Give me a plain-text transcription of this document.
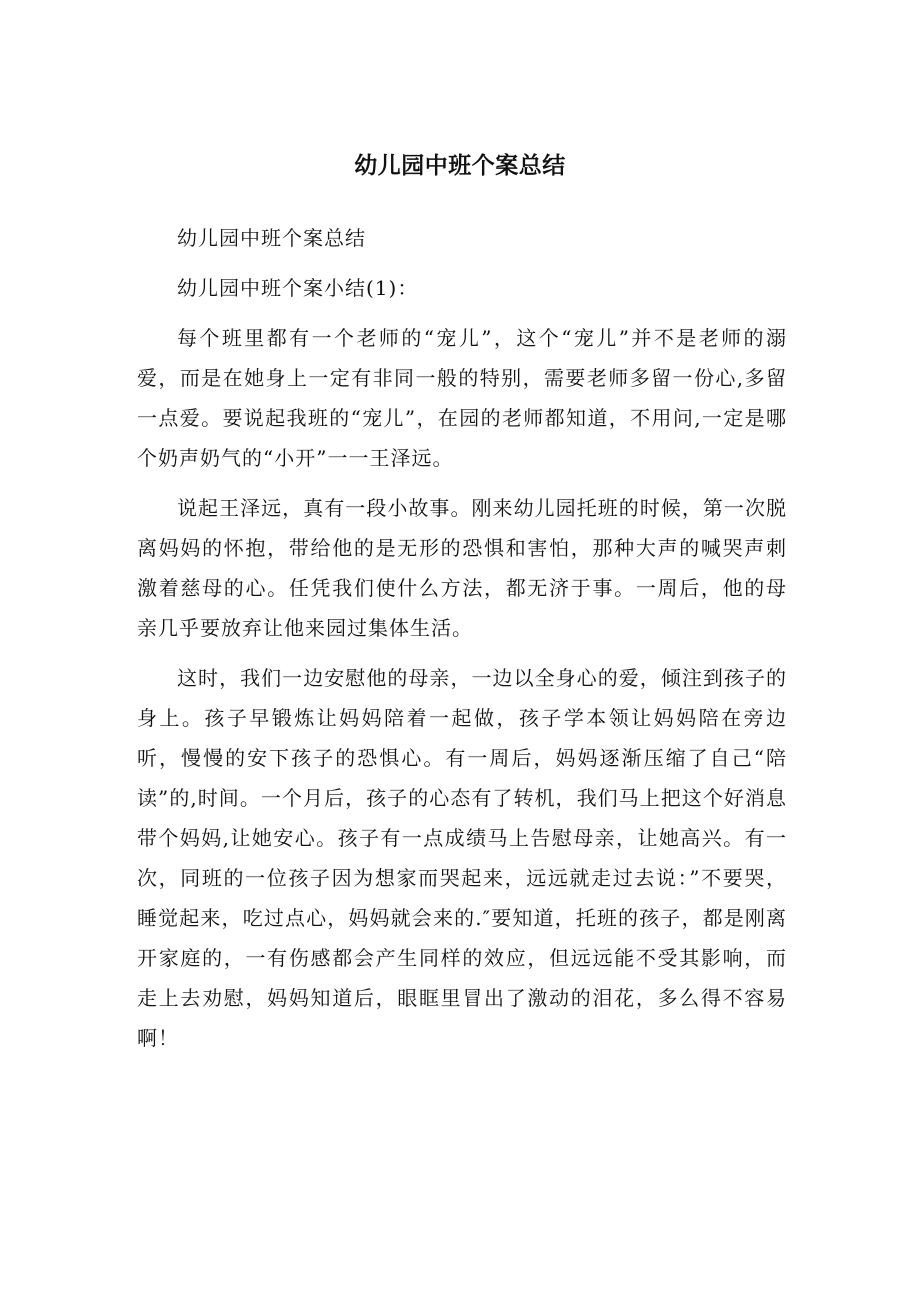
幼儿园中班个案总结

幼儿园中班个案总结

幼儿园中班个案小结(1)：

每个班里都有一个老师的“宠儿”，这个“宠儿”并不是老师的溺爱，而是在她身上一定有非同一般的特别，需要老师多留一份心,多留一点爱。要说起我班的“宠儿”，在园的老师都知道，不用问,一定是哪个奶声奶气的“小开”一一王泽远。

说起王泽远，真有一段小故事。刚来幼儿园托班的时候，第一次脱离妈妈的怀抱，带给他的是无形的恐惧和害怕，那种大声的喊哭声刺激着慈母的心。任凭我们使什么方法，都无济于事。一周后，他的母亲几乎要放弃让他来园过集体生活。

这时，我们一边安慰他的母亲，一边以全身心的爱，倾注到孩子的身上。孩子早锻炼让妈妈陪着一起做，孩子学本领让妈妈陪在旁边听，慢慢的安下孩子的恐惧心。有一周后，妈妈逐渐压缩了自己“陪读”的,时间。一个月后，孩子的心态有了转机，我们马上把这个好消息带个妈妈,让她安心。孩子有一点成绩马上告慰母亲，让她高兴。有一次，同班的一位孩子因为想家而哭起来，远远就走过去说：”不要哭，睡觉起来，吃过点心，妈妈就会来的.″要知道，托班的孩子，都是刚离开家庭的，一有伤感都会产生同样的效应，但远远能不受其影响，而走上去劝慰，妈妈知道后，眼眶里冒出了激动的泪花，多么得不容易啊！
